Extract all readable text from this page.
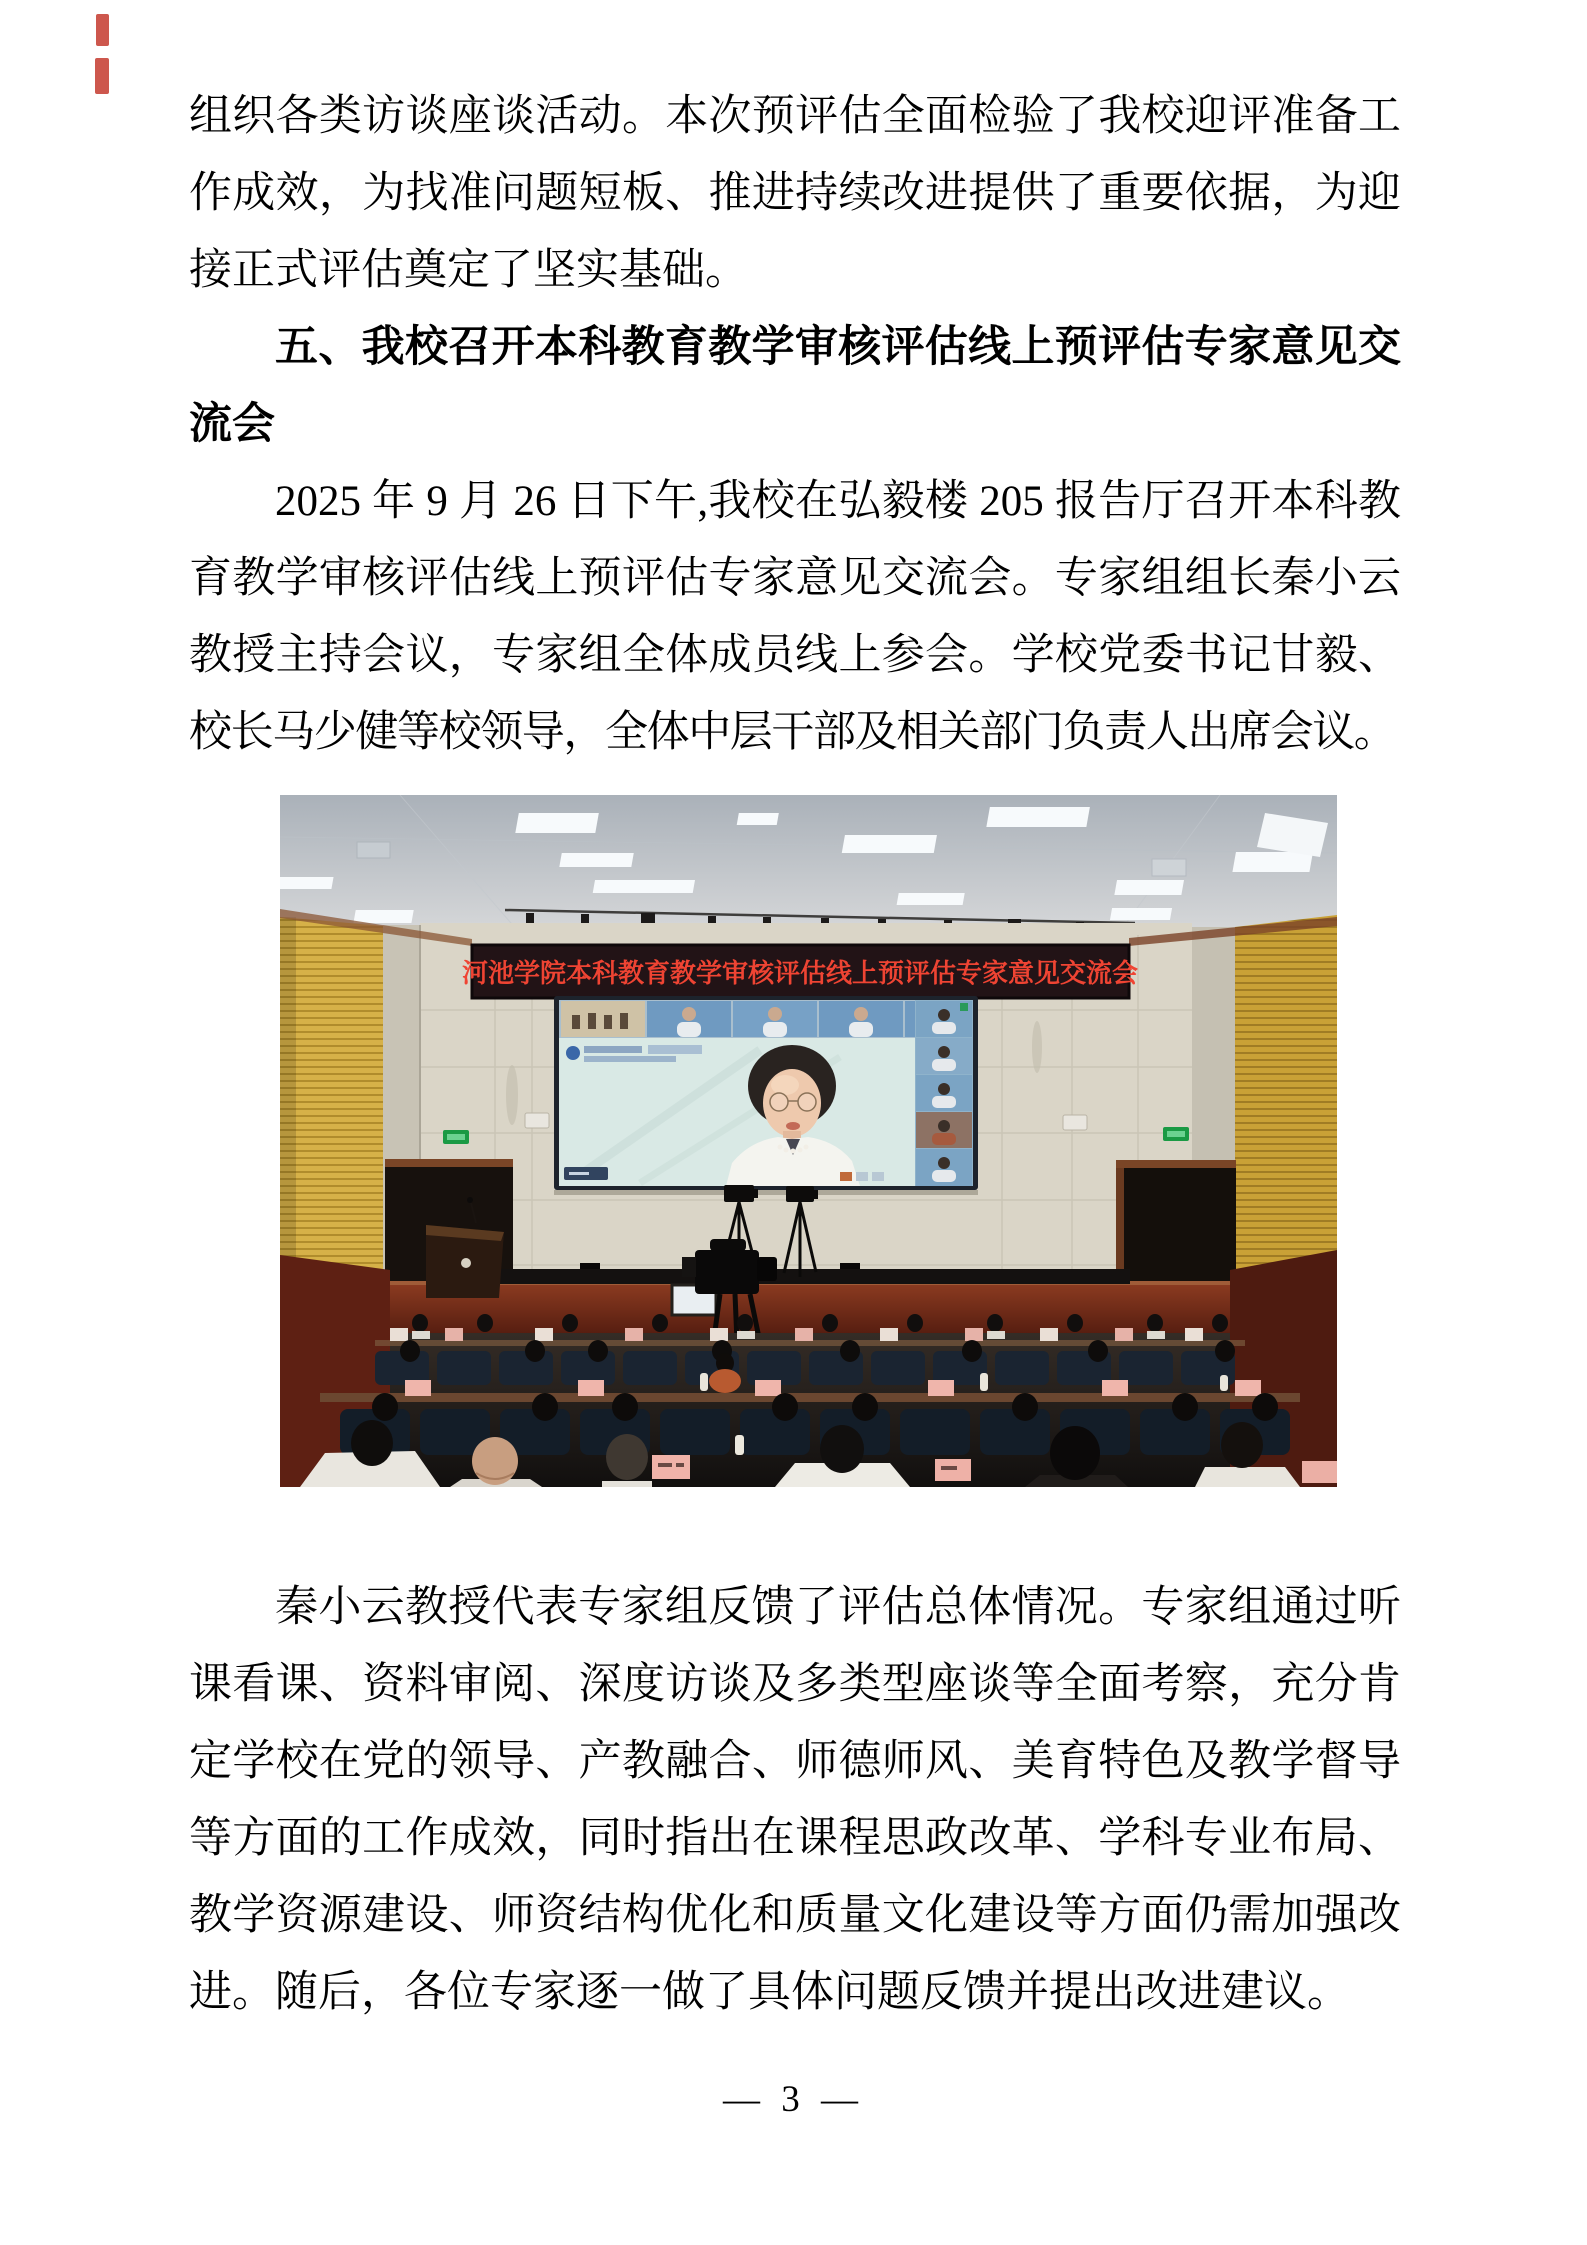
组织各类访谈座谈活动。本次预评估全面检验了我校迎评准备工
作成效，为找准问题短板、推进持续改进提供了重要依据，为迎
接正式评估奠定了坚实基础。
五、我校召开本科教育教学审核评估线上预评估专家意见交
流会
2025 年 9 月 26 日下午,我校在弘毅楼 205 报告厅召开本科教
育教学审核评估线上预评估专家意见交流会。专家组组长秦小云
教授主持会议，专家组全体成员线上参会。学校党委书记甘毅、
校长马少健等校领导，全体中层干部及相关部门负责人出席会议。
河池学院本科教育教学审核评估线上预评估专家意见交流会
秦小云教授代表专家组反馈了评估总体情况。专家组通过听
课看课、资料审阅、深度访谈及多类型座谈等全面考察，充分肯
定学校在党的领导、产教融合、师德师风、美育特色及教学督导
等方面的工作成效，同时指出在课程思政改革、学科专业布局、
教学资源建设、师资结构优化和质量文化建设等方面仍需加强改
进。随后，各位专家逐一做了具体问题反馈并提出改进建议。
— 3 —
